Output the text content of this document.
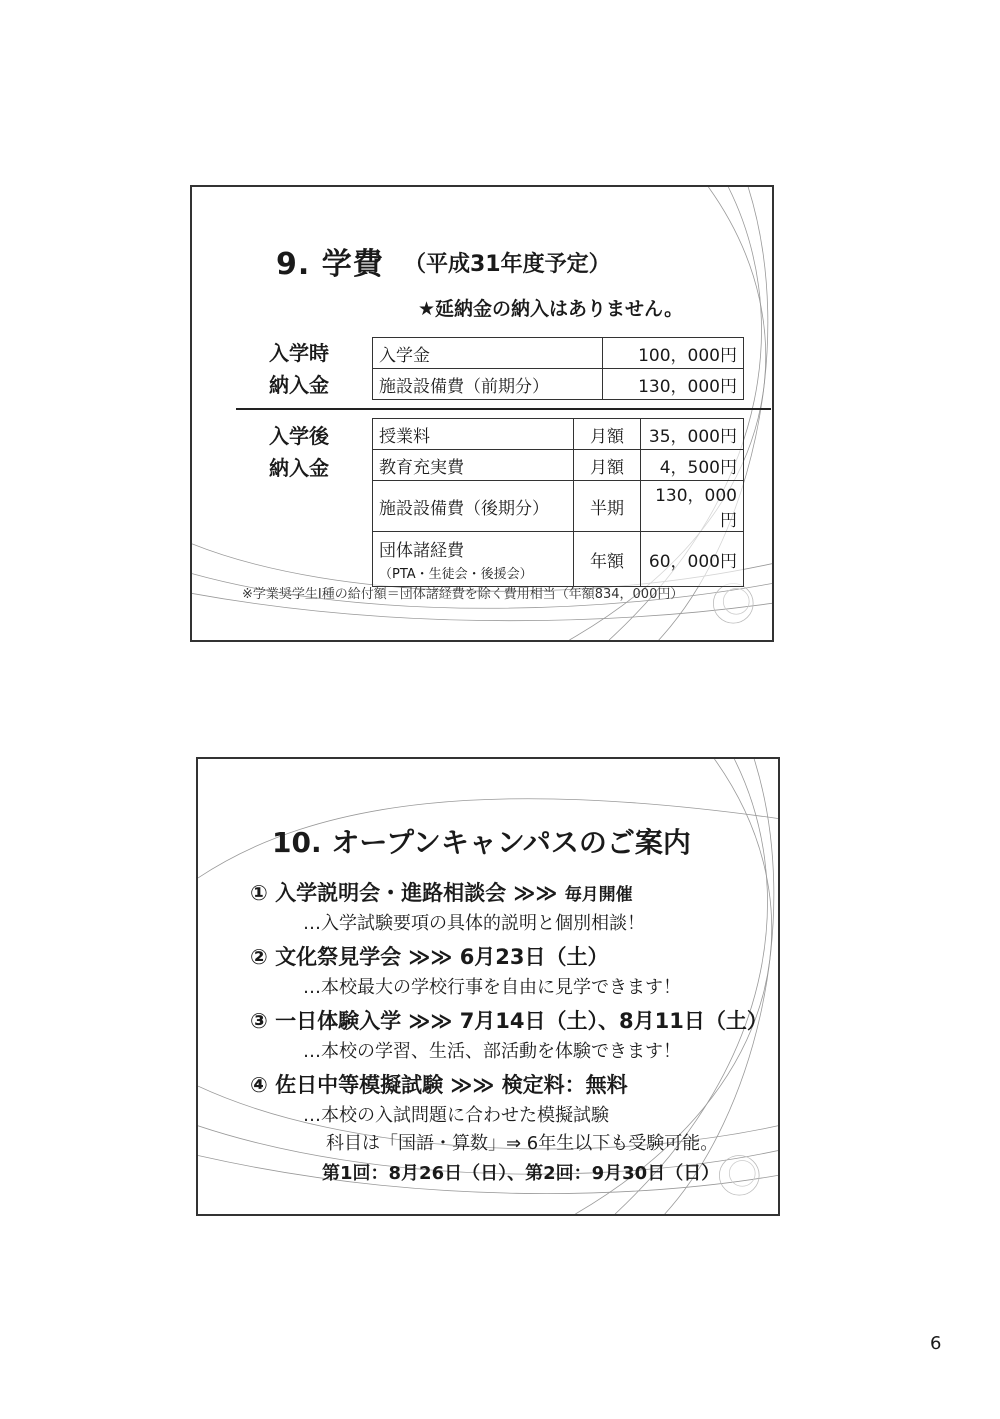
9. 学費 （平成31年度予定）
★延納金の納入はありません。
入学時
納入金
入学金	100，000円
施設設備費（前期分）	130，000円
入学後
納入金
授業料	月額	35，000円
教育充実費	月額	4，500円
施設設備費（後期分）	半期	130，000円
団体諸経費
（PTA・生徒会・後援会）	年額	60，000円
※学業奨学生Ⅰ種の給付額＝団体諸経費を除く費用相当（年額834，000円）
10. オープンキャンパスのご案内
① 入学説明会・進路相談会 ≫≫ 毎月開催
…入学試験要項の具体的説明と個別相談！
② 文化祭見学会 ≫≫ 6月23日（土）
…本校最大の学校行事を自由に見学できます！
③ 一日体験入学 ≫≫ 7月14日（土）、8月11日（土）
…本校の学習、生活、部活動を体験できます！
④ 佐日中等模擬試験 ≫≫ 検定料：無料
…本校の入試問題に合わせた模擬試験
科目は「国語・算数」⇒ 6年生以下も受験可能。
第1回：8月26日（日）、第2回：9月30日（日）
6
